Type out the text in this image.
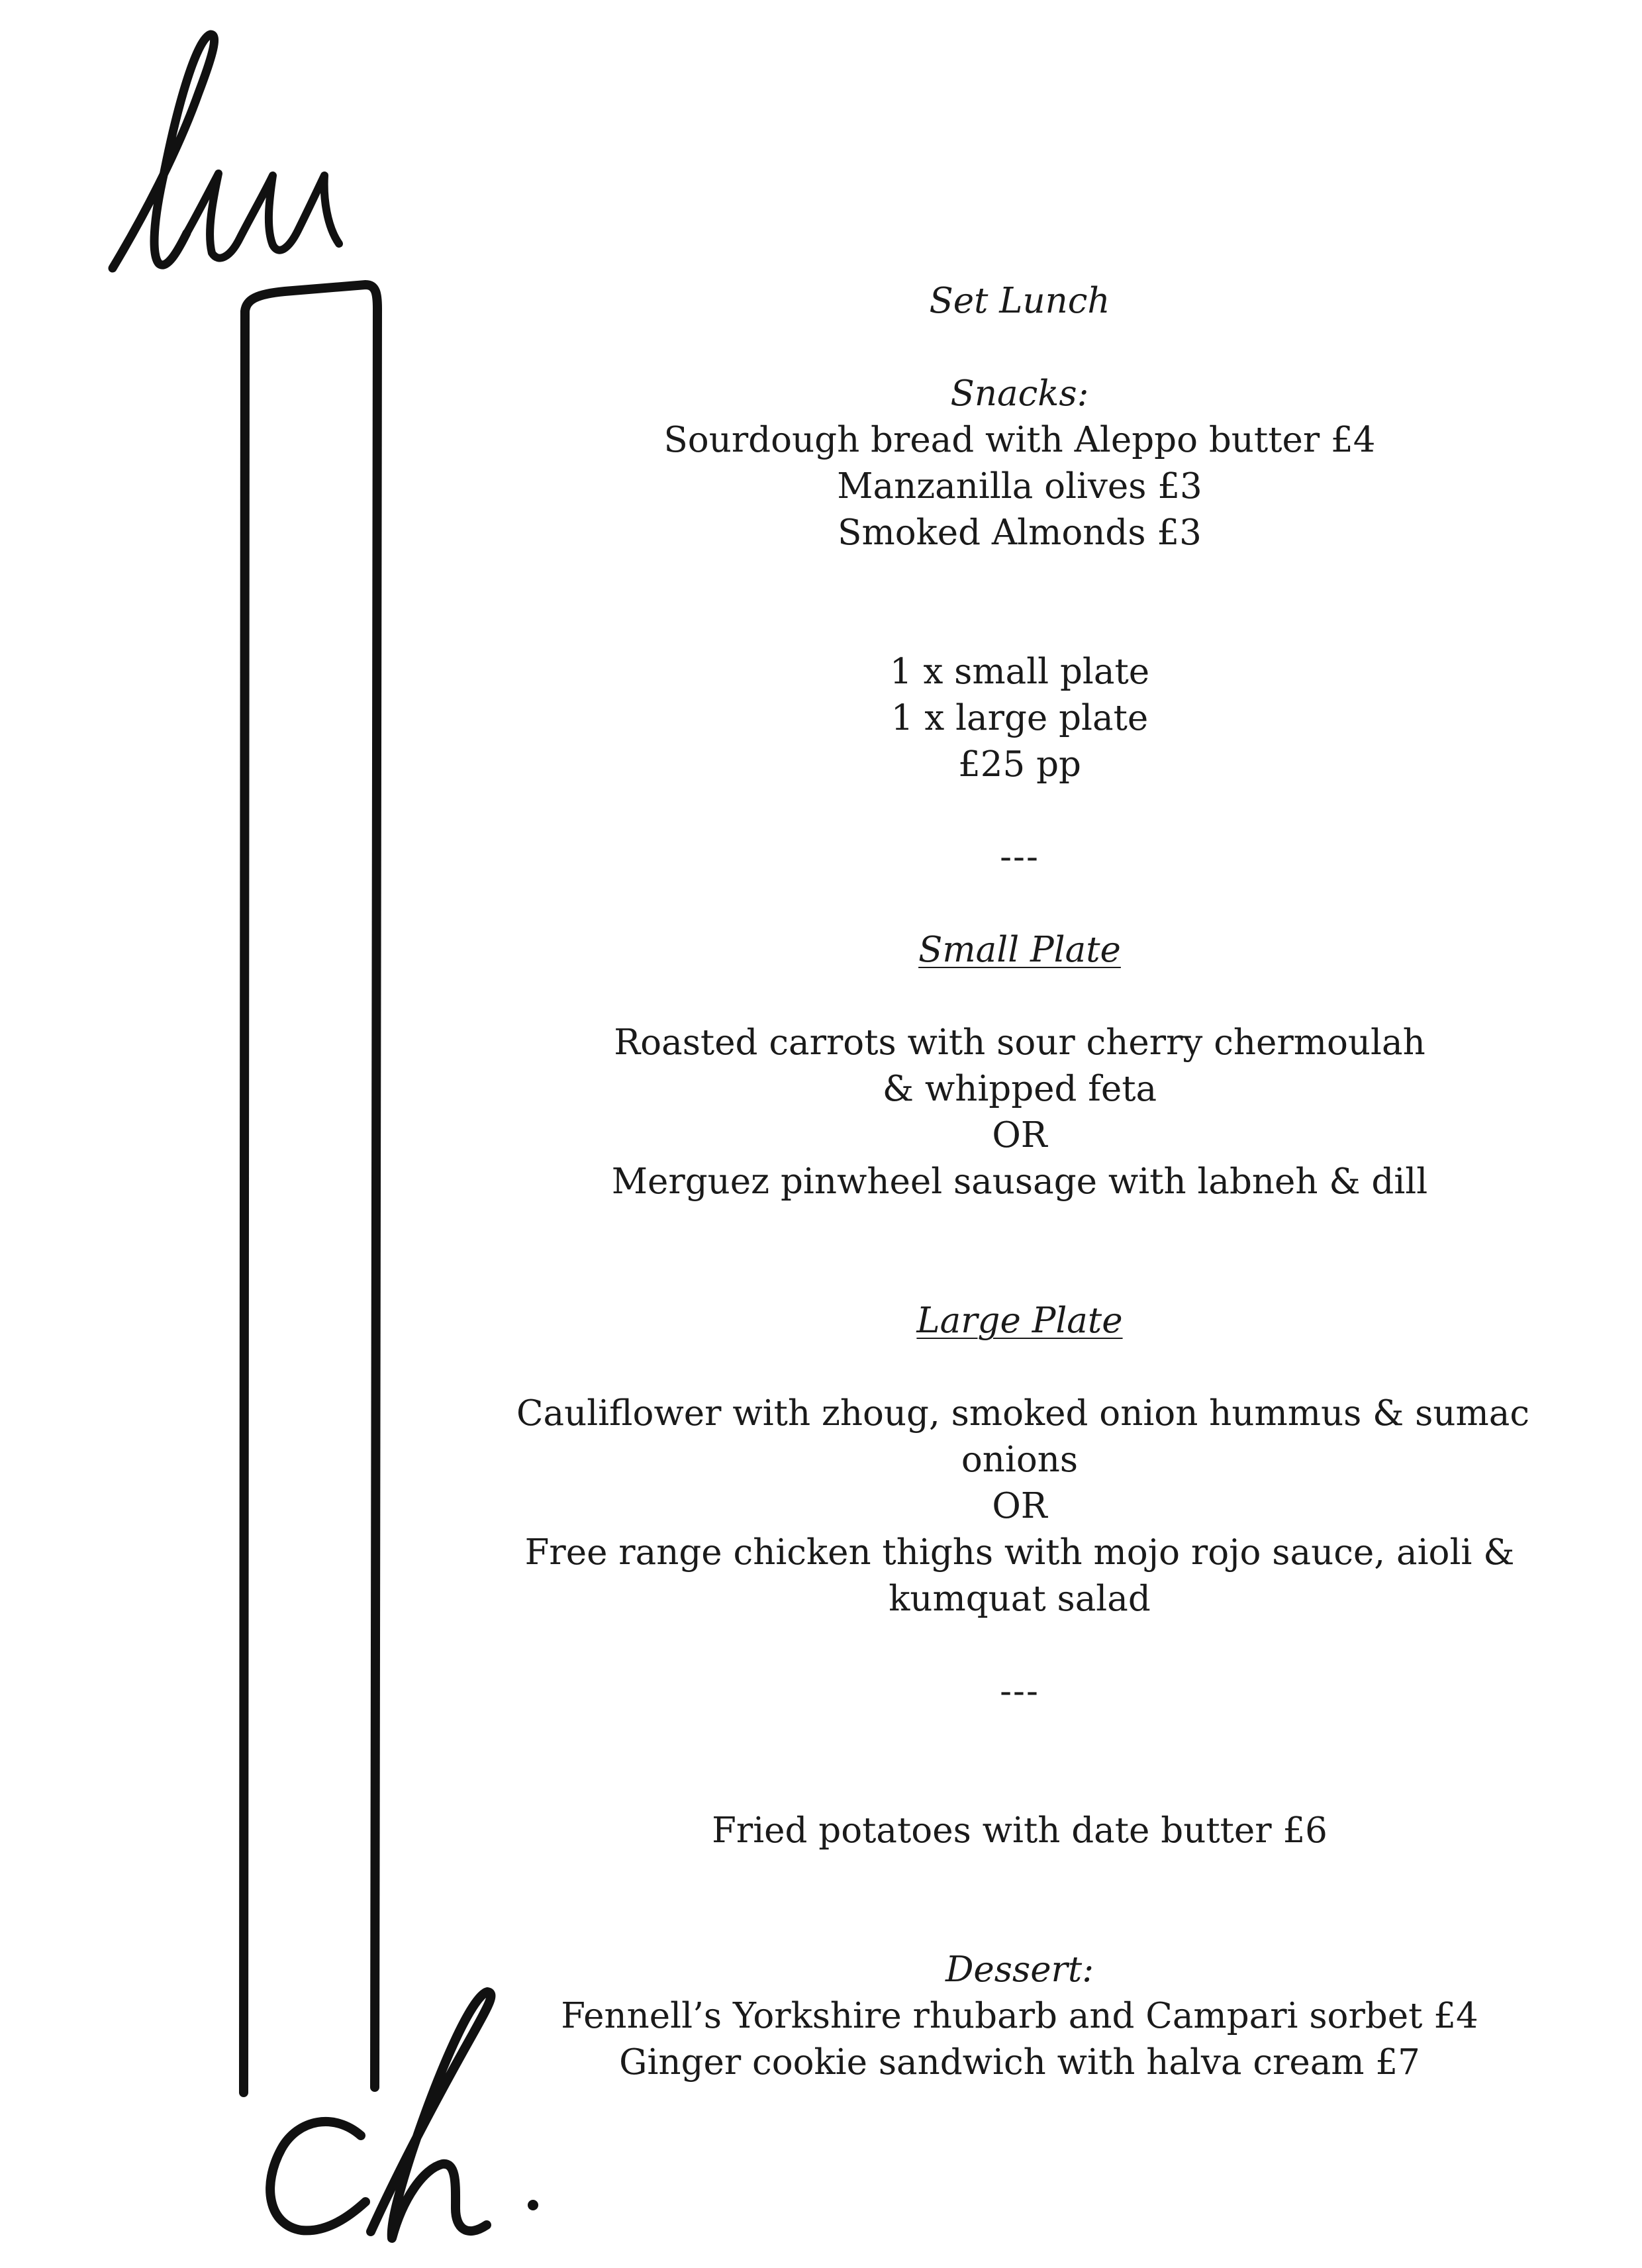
Set Lunch
Snacks:
Sourdough bread with Aleppo butter £4
Manzanilla olives £3
Smoked Almonds £3
1 x small plate
1 x large plate
£25 pp
---
Small Plate
Roasted carrots with sour cherry chermoulah
& whipped feta
OR
Merguez pinwheel sausage with labneh & dill
Large Plate
Cauliflower with zhoug, smoked onion hummus & sumac
onions
OR
Free range chicken thighs with mojo rojo sauce, aioli &
kumquat salad
---
Fried potatoes with date butter £6
Dessert:
Fennell’s Yorkshire rhubarb and Campari sorbet £4
Ginger cookie sandwich with halva cream £7
